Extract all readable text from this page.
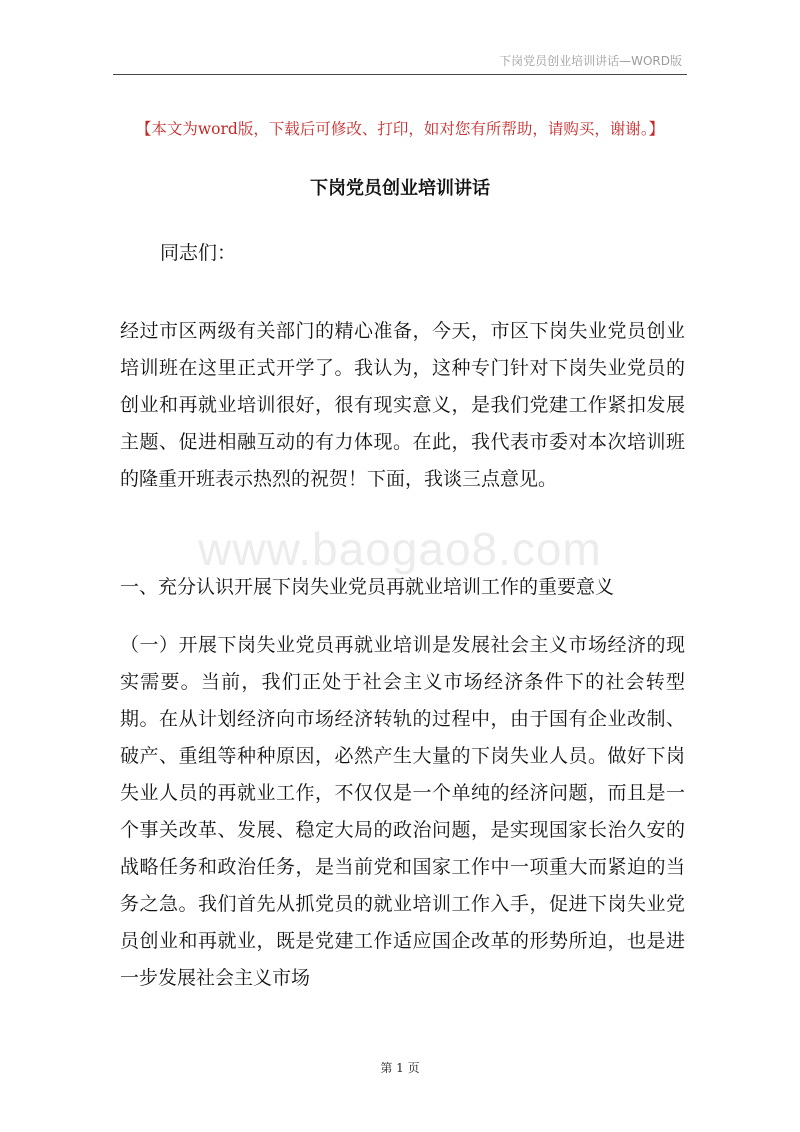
下岗党员创业培训讲话—WORD版
【本文为word版，下载后可修改、打印，如对您有所帮助，请购买，谢谢。】
下岗党员创业培训讲话
同志们：

经过市区两级有关部门的精心准备，今天，市区下岗失业党员创业培训班在这里正式开学了。我认为，这种专门针对下岗失业党员的创业和再就业培训很好，很有现实意义，是我们党建工作紧扣发展主题、促进相融互动的有力体现。在此，我代表市委对本次培训班的隆重开班表示热烈的祝贺！下面，我谈三点意见。

www.baogao8.com
一、充分认识开展下岗失业党员再就业培训工作的重要意义

（一）开展下岗失业党员再就业培训是发展社会主义市场经济的现实需要。当前，我们正处于社会主义市场经济条件下的社会转型期。在从计划经济向市场经济转轨的过程中，由于国有企业改制、破产、重组等种种原因，必然产生大量的下岗失业人员。做好下岗失业人员的再就业工作，不仅仅是一个单纯的经济问题，而且是一个事关改革、发展、稳定大局的政治问题，是实现国家长治久安的战略任务和政治任务，是当前党和国家工作中一项重大而紧迫的当务之急。我们首先从抓党员的就业培训工作入手，促进下岗失业党员创业和再就业，既是党建工作适应国企改革的形势所迫，也是进一步发展社会主义市场

第 1 页
